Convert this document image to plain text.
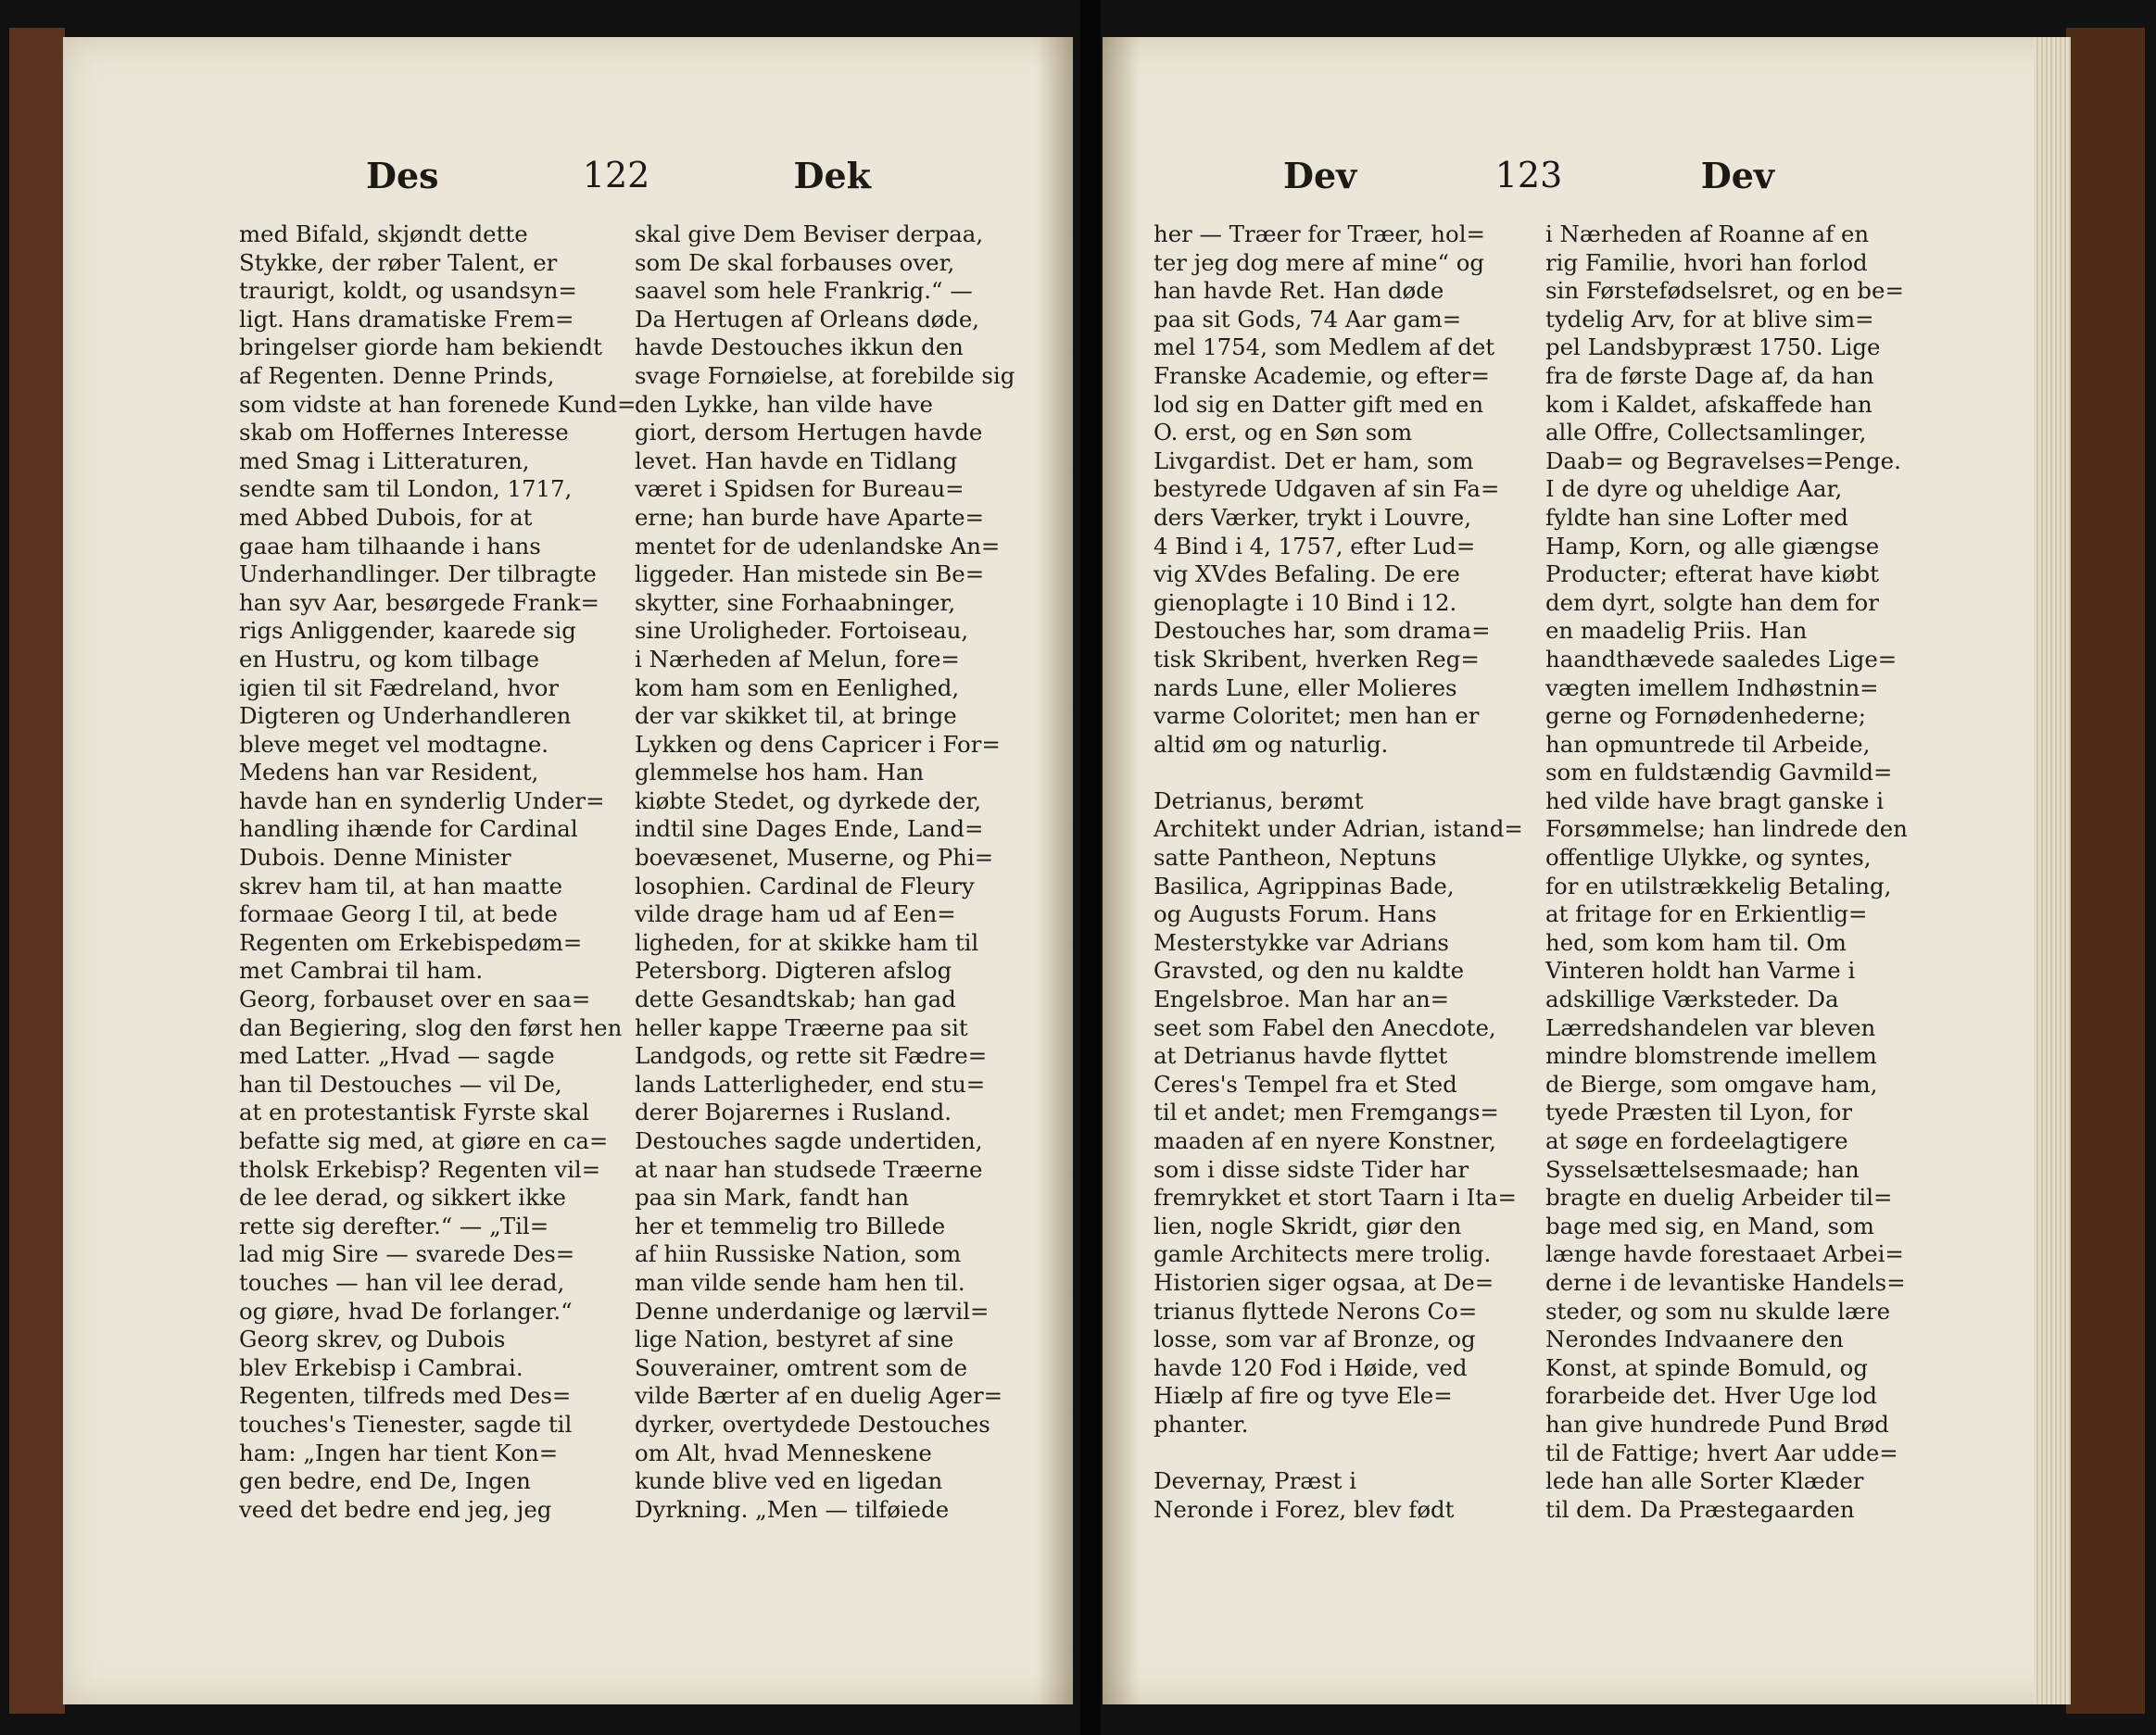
Des	122	Dek
med Bifald, skjøndt dette
Stykke, der røber Talent, er
traurigt, koldt, og usandsyn=
ligt. Hans dramatiske Frem=
bringelser giorde ham bekiendt
af Regenten. Denne Prinds,
som vidste at han forenede Kund=
skab om Hoffernes Interesse
med Smag i Litteraturen,
sendte sam til London, 1717,
med Abbed Dubois, for at
gaae ham tilhaande i hans
Underhandlinger. Der tilbragte
han syv Aar, besørgede Frank=
rigs Anliggender, kaarede sig
en Hustru, og kom tilbage
igien til sit Fædreland, hvor
Digteren og Underhandleren
bleve meget vel modtagne.
Medens han var Resident,
havde han en synderlig Under=
handling ihænde for Cardinal
Dubois. Denne Minister
skrev ham til, at han maatte
formaae Georg I til, at bede
Regenten om Erkebispedøm=
met Cambrai til ham.
Georg, forbauset over en saa=
dan Begiering, slog den først hen
med Latter. „Hvad — sagde
han til Destouches — vil De,
at en protestantisk Fyrste skal
befatte sig med, at giøre en ca=
tholsk Erkebisp? Regenten vil=
de lee derad, og sikkert ikke
rette sig derefter.“ — „Til=
lad mig Sire — svarede Des=
touches — han vil lee derad,
og giøre, hvad De forlanger.“
Georg skrev, og Dubois
blev Erkebisp i Cambrai.
Regenten, tilfreds med Des=
touches's Tienester, sagde til
ham: „Ingen har tient Kon=
gen bedre, end De, Ingen
veed det bedre end jeg, jeg
skal give Dem Beviser derpaa,
som De skal forbauses over,
saavel som hele Frankrig.“ —
Da Hertugen af Orleans døde,
havde Destouches ikkun den
svage Fornøielse, at forebilde sig
den Lykke, han vilde have
giort, dersom Hertugen havde
levet. Han havde en Tidlang
været i Spidsen for Bureau=
erne; han burde have Aparte=
mentet for de udenlandske An=
liggeder. Han mistede sin Be=
skytter, sine Forhaabninger,
sine Uroligheder. Fortoiseau,
i Nærheden af Melun, fore=
kom ham som en Eenlighed,
der var skikket til, at bringe
Lykken og dens Capricer i For=
glemmelse hos ham. Han
kiøbte Stedet, og dyrkede der,
indtil sine Dages Ende, Land=
boevæsenet, Muserne, og Phi=
losophien. Cardinal de Fleury
vilde drage ham ud af Een=
ligheden, for at skikke ham til
Petersborg. Digteren afslog
dette Gesandtskab; han gad
heller kappe Træerne paa sit
Landgods, og rette sit Fædre=
lands Latterligheder, end stu=
derer Bojarernes i Rusland.
Destouches sagde undertiden,
at naar han studsede Træerne
paa sin Mark, fandt han
her et temmelig tro Billede
af hiin Russiske Nation, som
man vilde sende ham hen til.
Denne underdanige og lærvil=
lige Nation, bestyret af sine
Souverainer, omtrent som de
vilde Bærter af en duelig Ager=
dyrker, overtydede Destouches
om Alt, hvad Menneskene
kunde blive ved en ligedan
Dyrkning. „Men — tilføiede
Dev	123	Dev
her — Træer for Træer, hol=
ter jeg dog mere af mine“ og
han havde Ret. Han døde
paa sit Gods, 74 Aar gam=
mel 1754, som Medlem af det
Franske Academie, og efter=
lod sig en Datter gift med en
O. erst, og en Søn som
Livgardist. Det er ham, som
bestyrede Udgaven af sin Fa=
ders Værker, trykt i Louvre,
4 Bind i 4, 1757, efter Lud=
vig XVdes Befaling. De ere
gienoplagte i 10 Bind i 12.
Destouches har, som drama=
tisk Skribent, hverken Reg=
nards Lune, eller Molieres
varme Coloritet; men han er
altid øm og naturlig.

Detrianus, berømt
Architekt under Adrian, istand=
satte Pantheon, Neptuns
Basilica, Agrippinas Bade,
og Augusts Forum. Hans
Mesterstykke var Adrians
Gravsted, og den nu kaldte
Engelsbroe. Man har an=
seet som Fabel den Anecdote,
at Detrianus havde flyttet
Ceres's Tempel fra et Sted
til et andet; men Fremgangs=
maaden af en nyere Konstner,
som i disse sidste Tider har
fremrykket et stort Taarn i Ita=
lien, nogle Skridt, giør den
gamle Architects mere trolig.
Historien siger ogsaa, at De=
trianus flyttede Nerons Co=
losse, som var af Bronze, og
havde 120 Fod i Høide, ved
Hiælp af fire og tyve Ele=
phanter.

Devernay, Præst i
Neronde i Forez, blev født
i Nærheden af Roanne af en
rig Familie, hvori han forlod
sin Førstefødselsret, og en be=
tydelig Arv, for at blive sim=
pel Landsbypræst 1750. Lige
fra de første Dage af, da han
kom i Kaldet, afskaffede han
alle Offre, Collectsamlinger,
Daab= og Begravelses=Penge.
I de dyre og uheldige Aar,
fyldte han sine Lofter med
Hamp, Korn, og alle giængse
Producter; efterat have kiøbt
dem dyrt, solgte han dem for
en maadelig Priis. Han
haandthævede saaledes Lige=
vægten imellem Indhøstnin=
gerne og Fornødenhederne;
han opmuntrede til Arbeide,
som en fuldstændig Gavmild=
hed vilde have bragt ganske i
Forsømmelse; han lindrede den
offentlige Ulykke, og syntes,
for en utilstrækkelig Betaling,
at fritage for en Erkientlig=
hed, som kom ham til. Om
Vinteren holdt han Varme i
adskillige Værksteder. Da
Lærredshandelen var bleven
mindre blomstrende imellem
de Bierge, som omgave ham,
tyede Præsten til Lyon, for
at søge en fordeelagtigere
Sysselsættelsesmaade; han
bragte en duelig Arbeider til=
bage med sig, en Mand, som
længe havde forestaaet Arbei=
derne i de levantiske Handels=
steder, og som nu skulde lære
Nerondes Indvaanere den
Konst, at spinde Bomuld, og
forarbeide det. Hver Uge lod
han give hundrede Pund Brød
til de Fattige; hvert Aar udde=
lede han alle Sorter Klæder
til dem. Da Præstegaarden
